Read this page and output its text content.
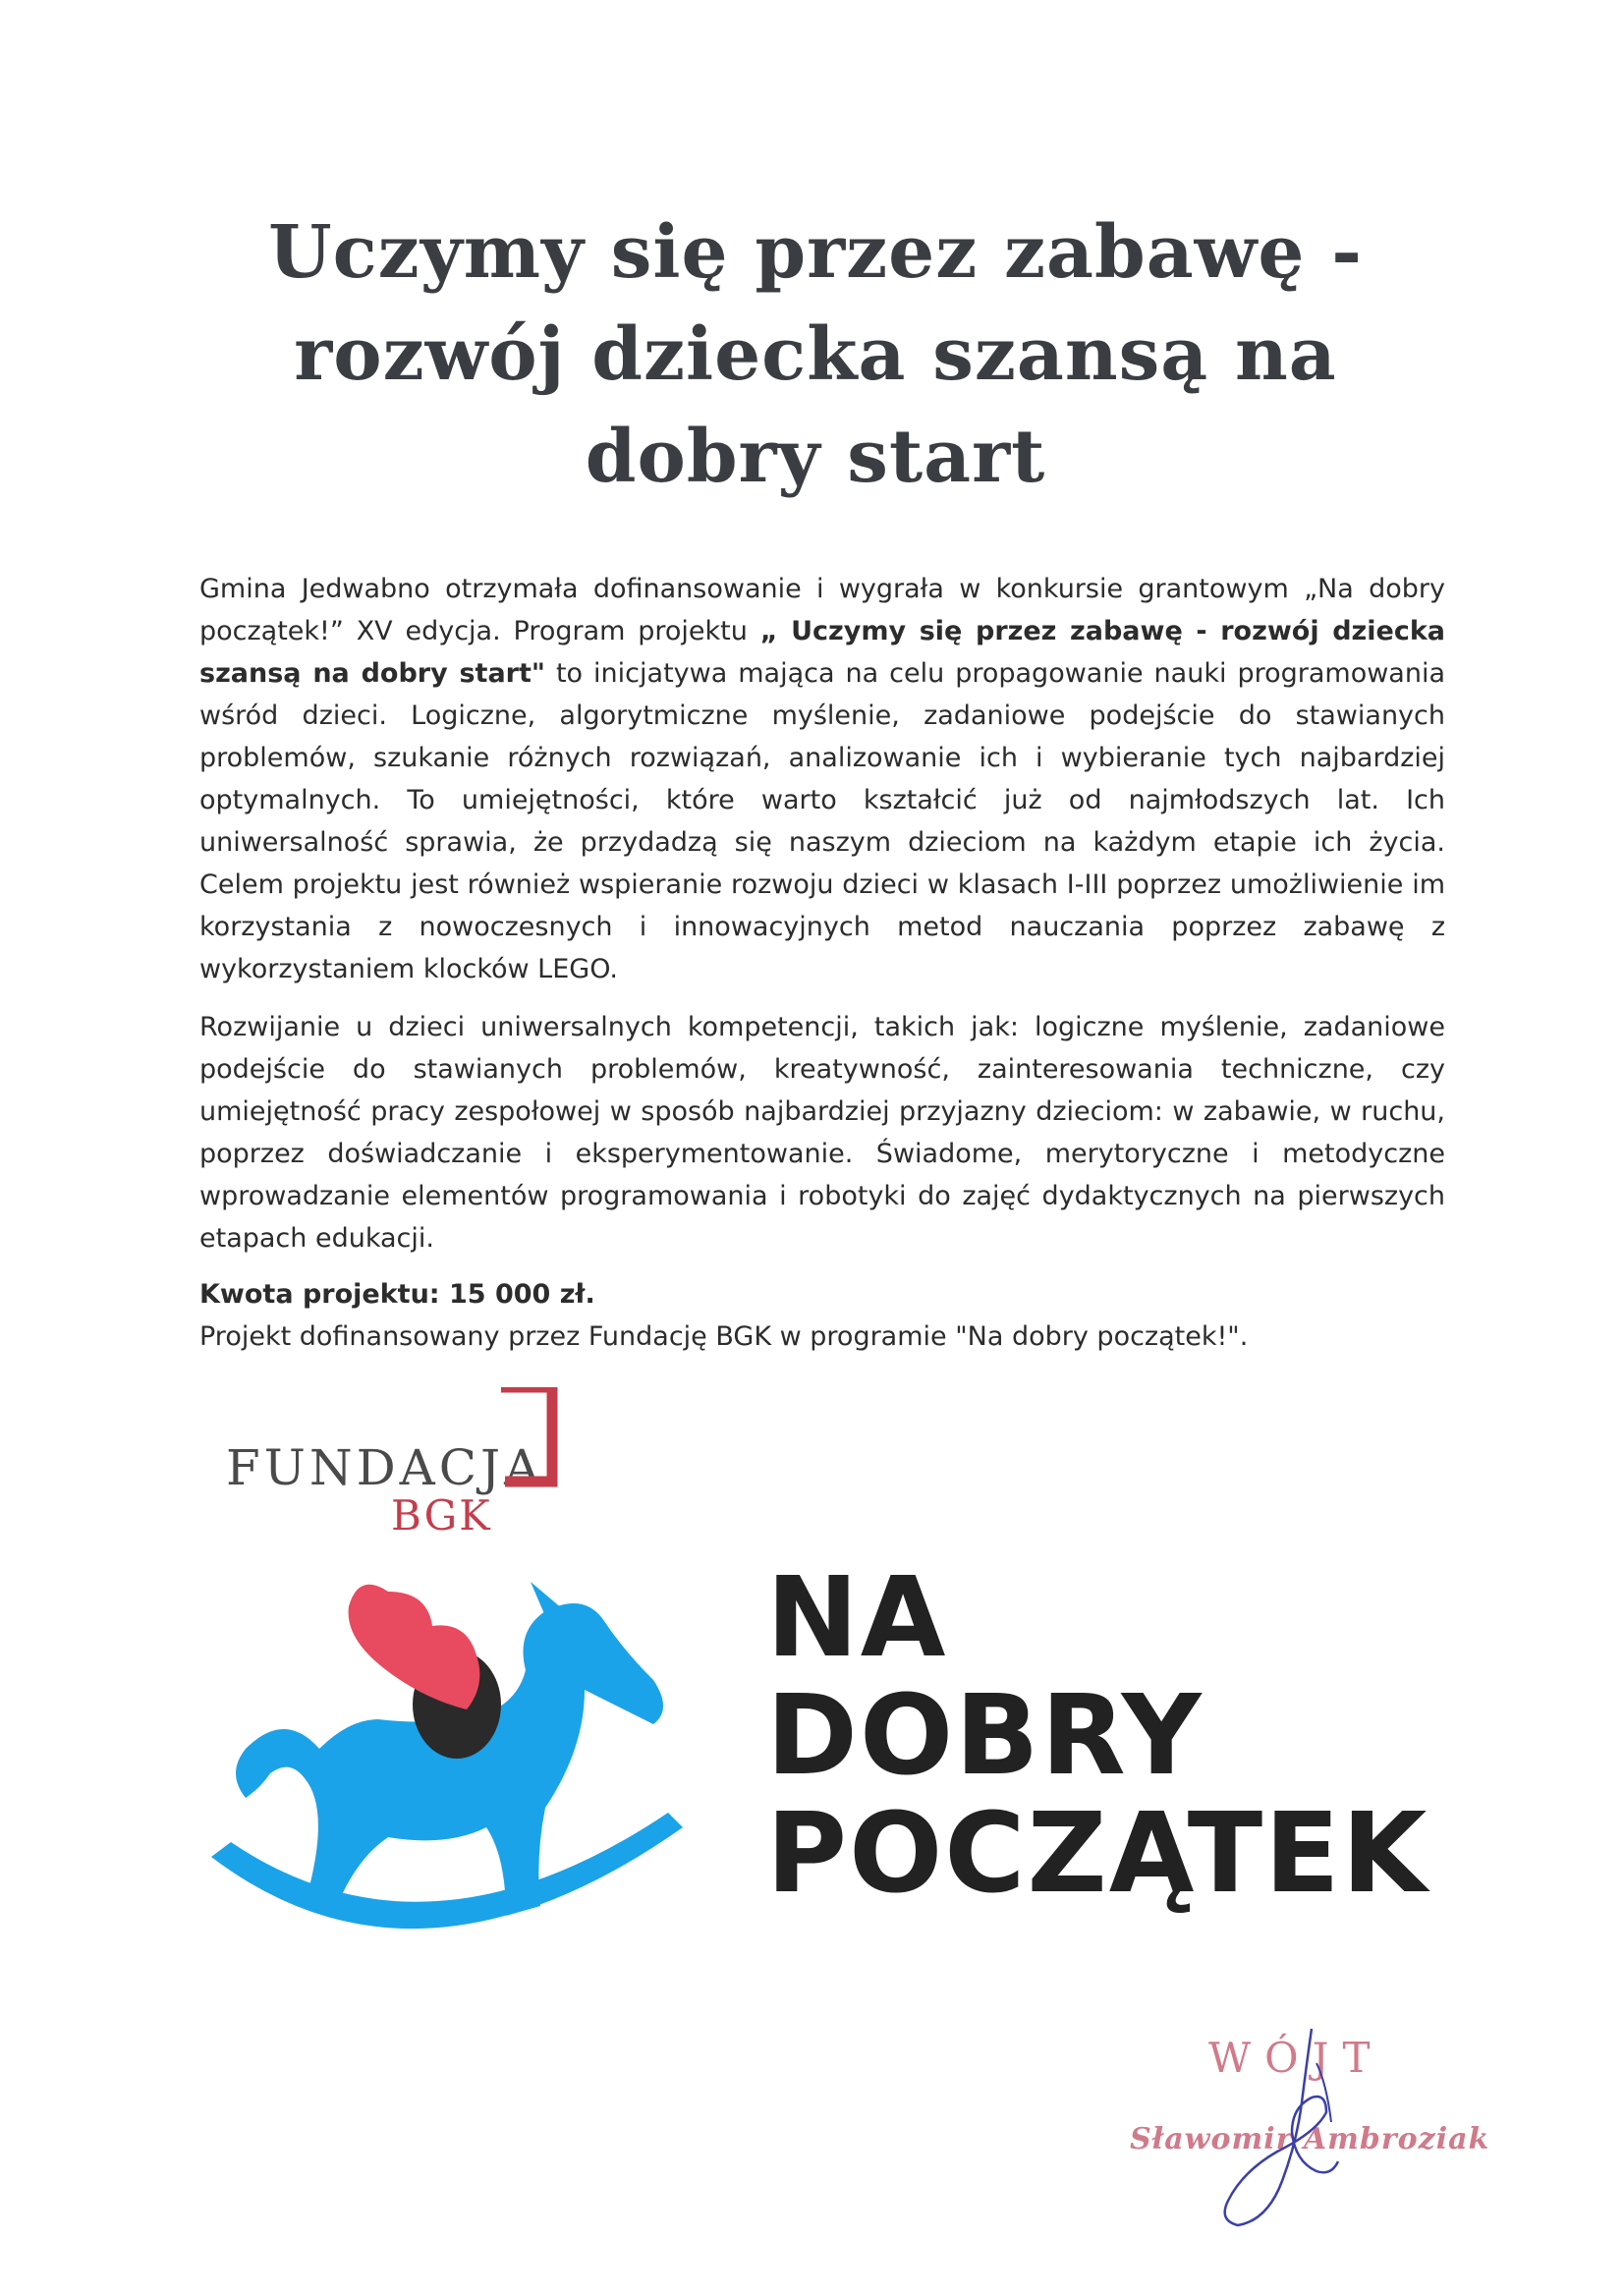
Uczymy się przez zabawę -
rozwój dziecka szansą na
dobry start

Gmina Jedwabno otrzymała dofinansowanie i wygrała w konkursie grantowym „Na dobry początek!” XV edycja. Program projektu „ Uczymy się przez zabawę - rozwój dziecka szansą na dobry start" to inicjatywa mająca na celu propagowanie nauki programowania wśród dzieci. Logiczne, algorytmiczne myślenie, zadaniowe podejście do stawianych problemów, szukanie różnych rozwiązań, analizowanie ich i wybieranie tych najbardziej optymalnych. To umiejętności, które warto kształcić już od najmłodszych lat. Ich uniwersalność sprawia, że przydadzą się naszym dzieciom na każdym etapie ich życia. Celem projektu jest również wspieranie rozwoju dzieci w klasach I-III poprzez umożliwienie im korzystania z nowoczesnych i innowacyjnych metod nauczania poprzez zabawę z wykorzystaniem klocków LEGO.

Rozwijanie u dzieci uniwersalnych kompetencji, takich jak: logiczne myślenie, zadaniowe podejście do stawianych problemów, kreatywność, zainteresowania techniczne, czy umiejętność pracy zespołowej w sposób najbardziej przyjazny dzieciom: w zabawie, w ruchu, poprzez doświadczanie i eksperymentowanie. Świadome, merytoryczne i metodyczne wprowadzanie elementów programowania i robotyki do zajęć dydaktycznych na pierwszych etapach edukacji.

Kwota projektu: 15 000 zł.
Projekt dofinansowany przez Fundację BGK w programie "Na dobry początek!".

FUNDACJA
BGK
NA
DOBRY
POCZĄTEK
WÓJT
Sławomir Ambroziak
